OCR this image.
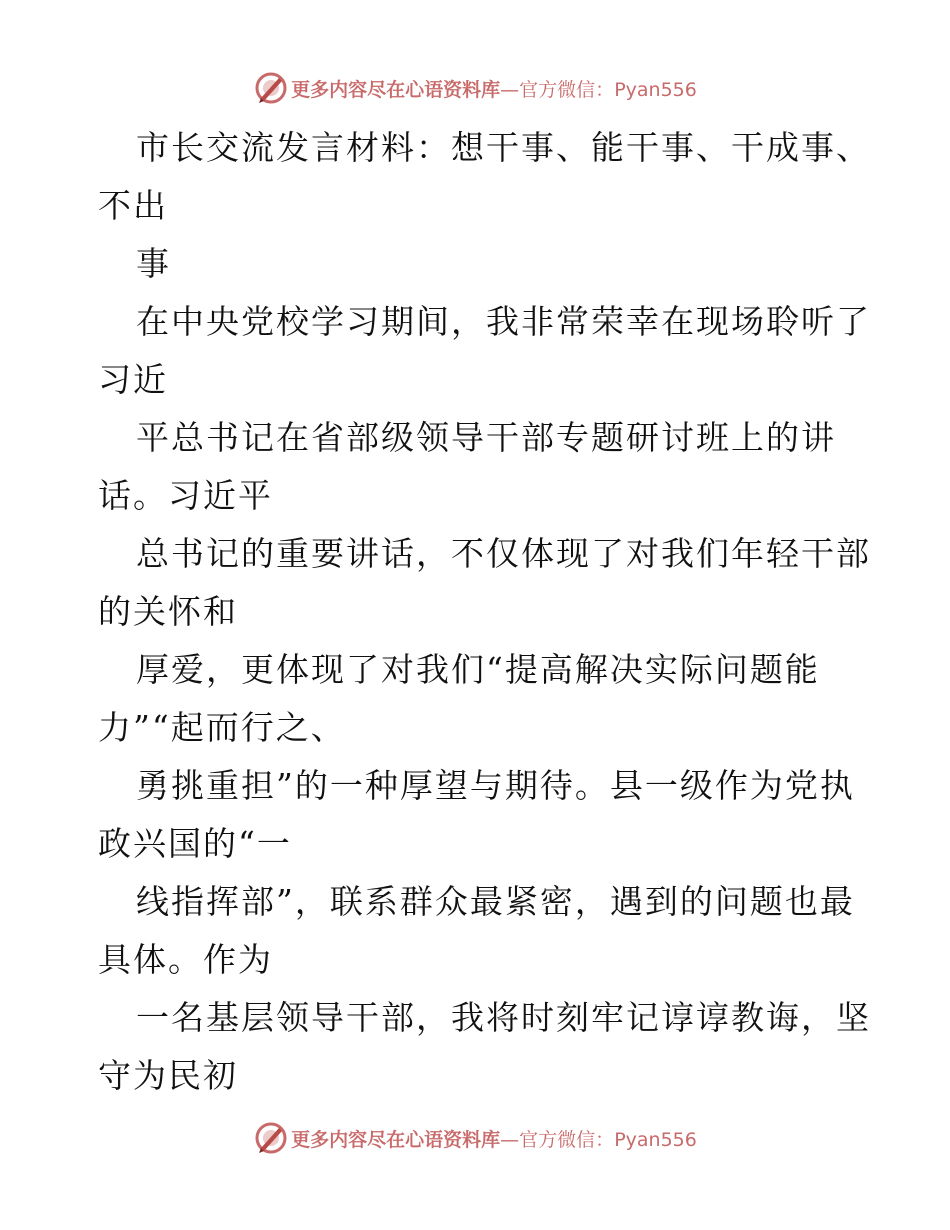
更多内容尽在心语资料库—官方微信：Pyan556
市长交流发言材料：想干事、能干事、干成事、
不出
事
在中央党校学习期间，我非常荣幸在现场聆听了
习近
平总书记在省部级领导干部专题研讨班上的讲
话。习近平
总书记的重要讲话，不仅体现了对我们年轻干部
的关怀和
厚爱，更体现了对我们“提高解决实际问题能
力”“起而行之、
勇挑重担”的一种厚望与期待。县一级作为党执
政兴国的“一
线指挥部”，联系群众最紧密，遇到的问题也最
具体。作为
一名基层领导干部，我将时刻牢记谆谆教诲，坚
守为民初
更多内容尽在心语资料库—官方微信：Pyan556
